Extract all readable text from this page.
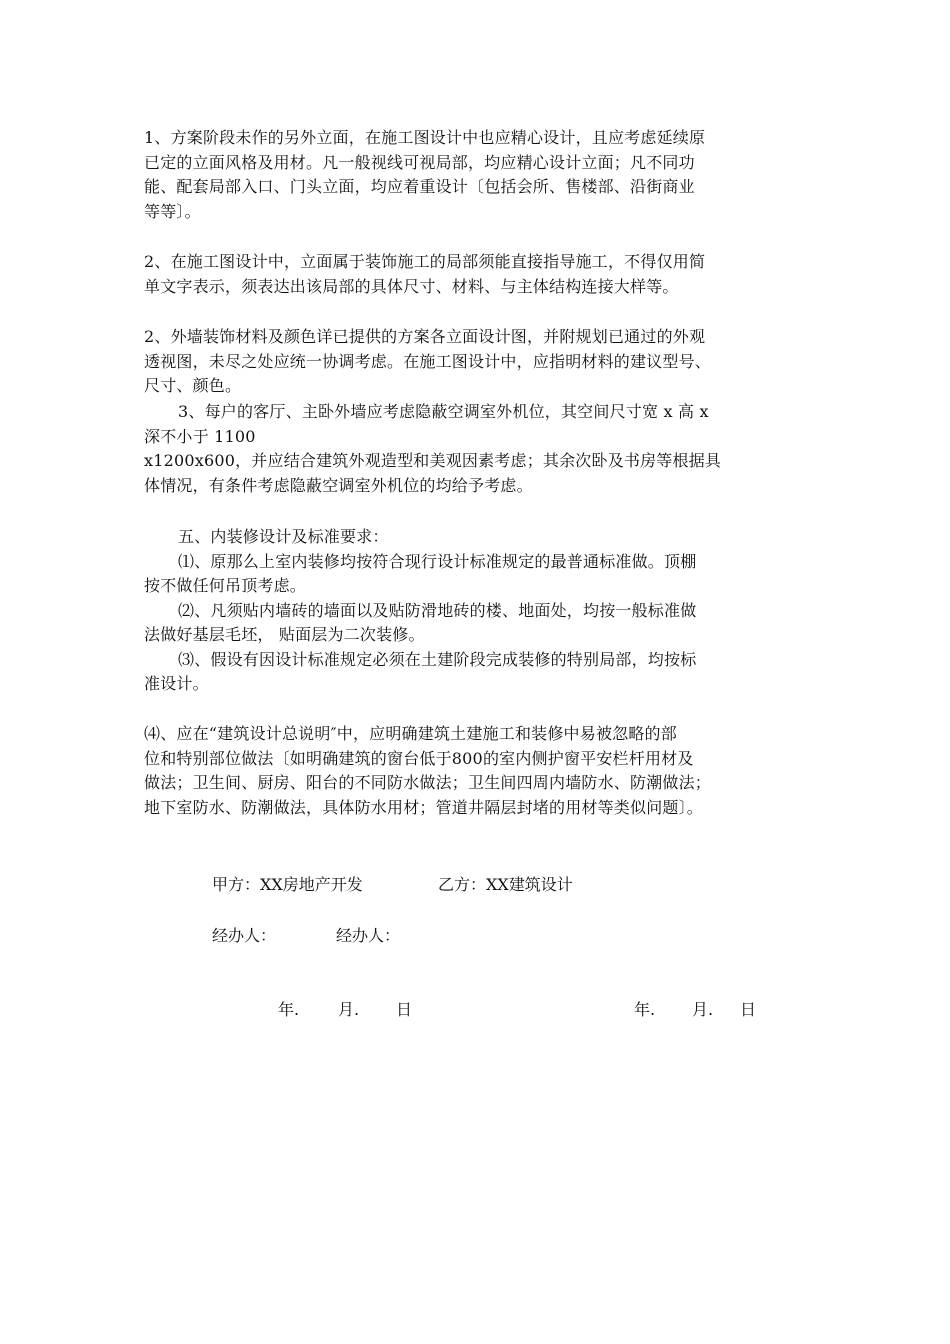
1、方案阶段未作的另外立面，在施工图设计中也应精心设计，且应考虑延续原
已定的立面风格及用材。凡一般视线可视局部，均应精心设计立面；凡不同功
能、配套局部入口、门头立面，均应着重设计〔包括会所、售楼部、沿街商业
等等〕。
2、在施工图设计中，立面属于装饰施工的局部须能直接指导施工，不得仅用简
单文字表示，须表达出该局部的具体尺寸、材料、与主体结构连接大样等。
2、外墙装饰材料及颜色详已提供的方案各立面设计图，并附规划已通过的外观
透视图，未尽之处应统一协调考虑。在施工图设计中，应指明材料的建议型号、
尺寸、颜色。
3、每户的客厅、主卧外墙应考虑隐蔽空调室外机位，其空间尺寸宽 x 高 x
深不小于 1100
x1200x600，并应结合建筑外观造型和美观因素考虑；其余次卧及书房等根据具
体情况，有条件考虑隐蔽空调室外机位的均给予考虑。
五、内装修设计及标准要求：
⑴、原那么上室内装修均按符合现行设计标准规定的最普通标准做。顶棚
按不做任何吊顶考虑。
⑵、凡须贴内墙砖的墙面以及贴防滑地砖的楼、地面处，均按一般标准做
法做好基层毛坯， 贴面层为二次装修。
⑶、假设有因设计标准规定必须在土建阶段完成装修的特别局部，均按标
准设计。
⑷、应在“建筑设计总说明″中，应明确建筑土建施工和装修中易被忽略的部
位和特别部位做法〔如明确建筑的窗台低于800的室内侧护窗平安栏杆用材及
做法；卫生间、厨房、阳台的不同防水做法；卫生间四周内墙防水、防潮做法；
地下室防水、防潮做法，具体防水用材；管道井隔层封堵的用材等类似问题〕。
甲方：XX房地产开发	乙方：XX建筑设计
经办人：	经办人：
年. 月. 日	年. 月. 日
